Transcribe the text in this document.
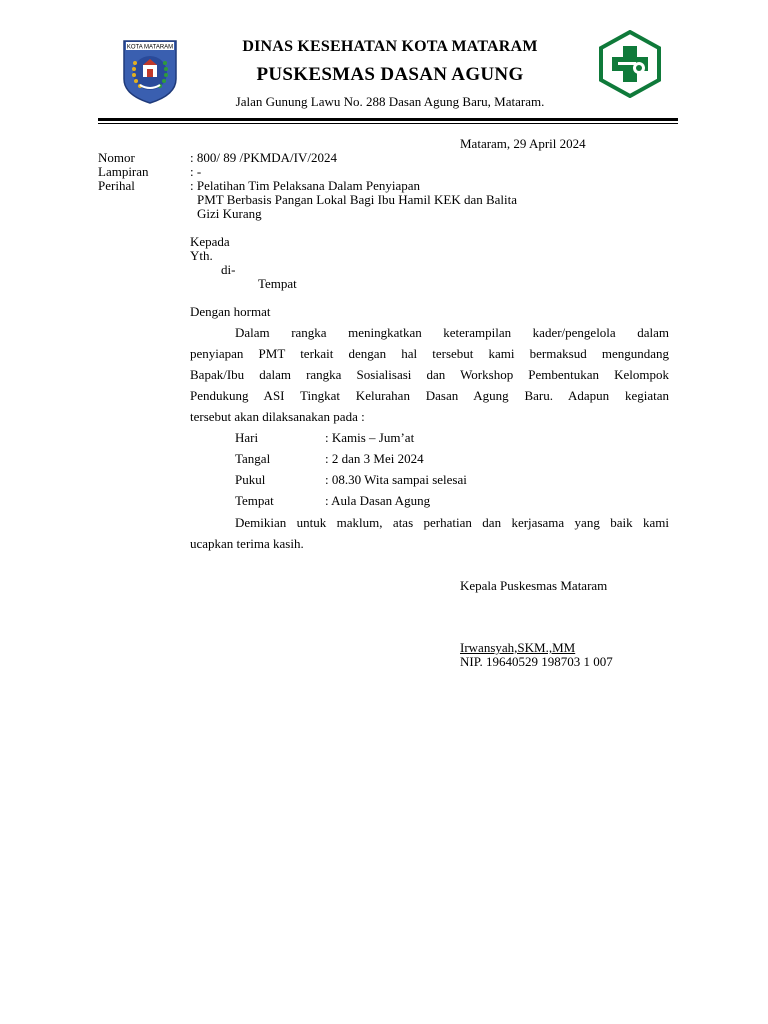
KOTA MATARAM	DINAS KESEHATAN KOTA MATARAM
PUSKESMAS DASAN AGUNG
Jalan Gunung Lawu No. 288 Dasan Agung Baru, Mataram.
Mataram, 29 April 2024
Nomor	: 800/ 89 /PKMDA/IV/2024
Lampiran	: -
Perihal	: Pelatihan Tim Pelaksana Dalam Penyiapan
PMT Berbasis Pangan Lokal Bagi Ibu Hamil KEK dan Balita
Gizi Kurang
Kepada
Yth.
di-
Tempat
Dengan hormat
Dalam rangka meningkatkan keterampilan kader/pengelola dalam
penyiapan PMT terkait dengan hal tersebut kami bermaksud mengundang
Bapak/Ibu dalam rangka Sosialisasi dan Workshop Pembentukan Kelompok
Pendukung ASI Tingkat Kelurahan Dasan Agung Baru. Adapun kegiatan
tersebut akan dilaksanakan pada :
Hari	: Kamis – Jum’at
Tangal	: 2 dan 3 Mei 2024
Pukul	: 08.30 Wita sampai selesai
Tempat	: Aula Dasan Agung
Demikian untuk maklum, atas perhatian dan kerjasama yang baik kami
ucapkan terima kasih.
Kepala Puskesmas Mataram
Irwansyah,SKM.,MM
NIP. 19640529 198703 1 007
